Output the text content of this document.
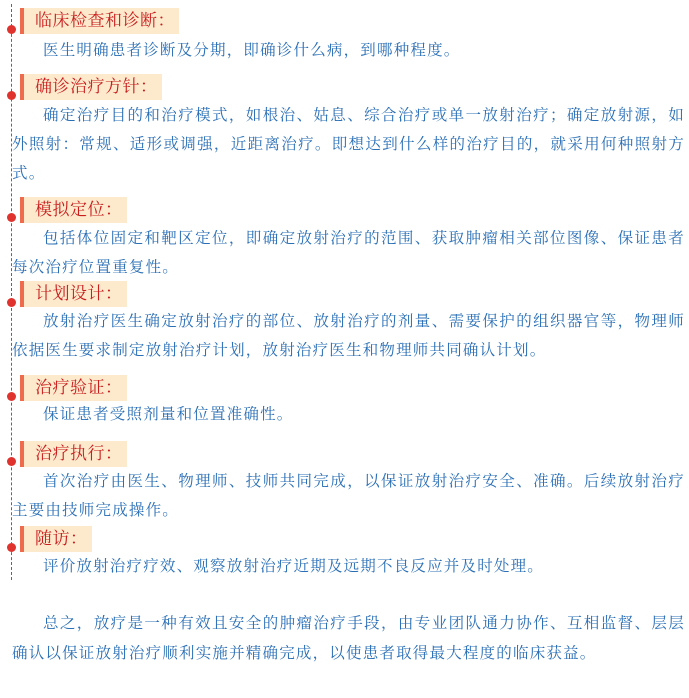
临床检查和诊断：
医生明确患者诊断及分期，即确诊什么病，到哪种程度。
确诊治疗方针：
确定治疗目的和治疗模式，如根治、姑息、综合治疗或单一放射治疗；确定放射源，如外照射：常规、适形或调强，近距离治疗。即想达到什么样的治疗目的，就采用何种照射方式。
模拟定位：
包括体位固定和靶区定位，即确定放射治疗的范围、获取肿瘤相关部位图像、保证患者每次治疗位置重复性。
计划设计：
放射治疗医生确定放射治疗的部位、放射治疗的剂量、需要保护的组织器官等，物理师依据医生要求制定放射治疗计划，放射治疗医生和物理师共同确认计划。
治疗验证：
保证患者受照剂量和位置准确性。
治疗执行：
首次治疗由医生、物理师、技师共同完成，以保证放射治疗安全、准确。后续放射治疗主要由技师完成操作。
随访：
评价放射治疗疗效、观察放射治疗近期及远期不良反应并及时处理。

总之，放疗是一种有效且安全的肿瘤治疗手段，由专业团队通力协作、互相监督、层层确认以保证放射治疗顺利实施并精确完成，以使患者取得最大程度的临床获益。
